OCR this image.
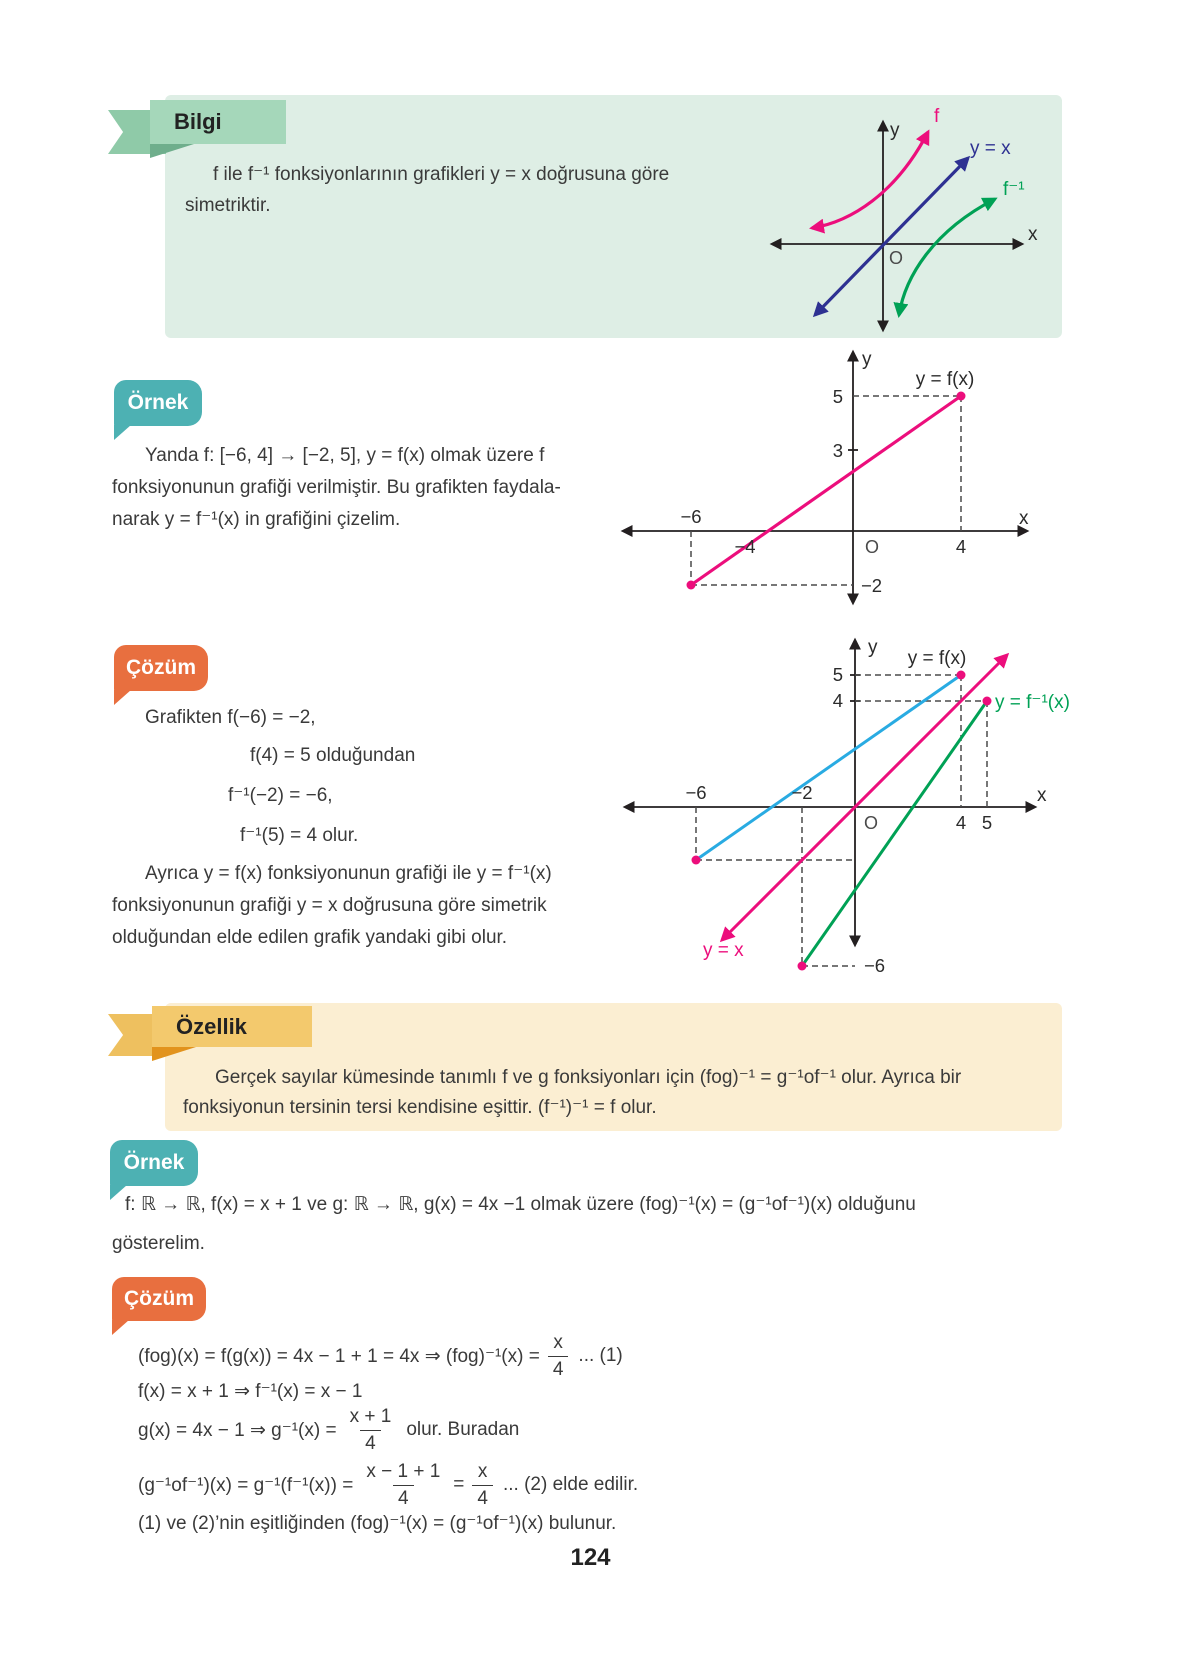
Bilgi
f ile f⁻¹ fonksiyonlarının grafikleri y = x doğrusuna göre
simetriktir.
y
x
O
f
y = x
f⁻¹
Örnek
Yanda f: [−6, 4] → [−2, 5], y = f(x) olmak üzere f
fonksiyonunun grafiği verilmiştir. Bu grafikten faydala-
narak y = f⁻¹(x) in grafiğini çizelim.
y
x
y = f(x)
−6
−4	O	4
5
3
−2
Çözüm
Grafikten f(−6) = −2,
f(4) = 5 olduğundan
f⁻¹(−2) = −6,
f⁻¹(5) = 4 olur.
Ayrıca y = f(x) fonksiyonunun grafiği ile y = f⁻¹(x)
fonksiyonunun grafiği y = x doğrusuna göre simetrik
olduğundan elde edilen grafik yandaki gibi olur.
y
x
y = f(x)
y = f⁻¹(x)
y = x
5
4
−6	−2
O	4 5
−6
Özellik
Gerçek sayılar kümesinde tanımlı f ve g fonksiyonları için (fog)⁻¹ = g⁻¹of⁻¹ olur. Ayrıca bir
fonksiyonun tersinin tersi kendisine eşittir. (f⁻¹)⁻¹ = f olur.
Örnek
f: ℝ → ℝ, f(x) = x + 1 ve g: ℝ → ℝ, g(x) = 4x −1 olmak üzere (fog)⁻¹(x) = (g⁻¹of⁻¹)(x) olduğunu
gösterelim.
Çözüm
(fog)(x) = f(g(x)) = 4x − 1 + 1 = 4x ⇒ $(fog)^{-1}(x) = \frac{x}{4}$ ... (1)
f(x) = x + 1 ⇒ f⁻¹(x) = x − 1
g(x) = 4x − 1 ⇒ $g^{-1}(x) = \frac{x + 1}{4}$ olur. Buradan
$(g^{-1}of^{-1})(x) = g^{-1}(f^{-1}(x)) = \frac{x - 1 + 1}{4} = \frac{x}{4}$ ... (2) elde edilir.
(1) ve (2)’nin eşitliğinden (fog)⁻¹(x) = (g⁻¹of⁻¹)(x) bulunur.
124
